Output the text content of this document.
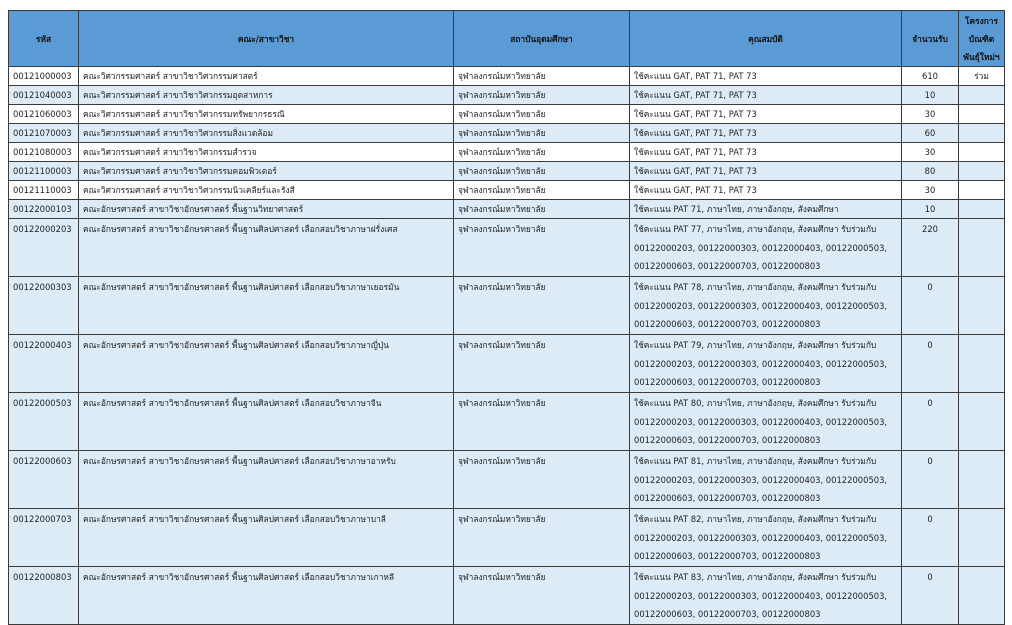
รหัส	คณะ/สาขาวิชา	สถาบันอุดมศึกษา	คุณสมบัติ	จำนวนรับ	โครงการ
บัณฑิต
พันธุ์ใหม่ฯ

00121000003	คณะวิศวกรรมศาสตร์ สาขาวิชาวิศวกรรมศาสตร์	จุฬาลงกรณ์มหาวิทยาลัย	ใช้คะแนน GAT, PAT 71, PAT 73	610	ร่วม
00121040003	คณะวิศวกรรมศาสตร์ สาขาวิชาวิศวกรรมอุตสาหการ	จุฬาลงกรณ์มหาวิทยาลัย	ใช้คะแนน GAT, PAT 71, PAT 73	10	
00121060003	คณะวิศวกรรมศาสตร์ สาขาวิชาวิศวกรรมทรัพยากรธรณี	จุฬาลงกรณ์มหาวิทยาลัย	ใช้คะแนน GAT, PAT 71, PAT 73	30	
00121070003	คณะวิศวกรรมศาสตร์ สาขาวิชาวิศวกรรมสิ่งแวดล้อม	จุฬาลงกรณ์มหาวิทยาลัย	ใช้คะแนน GAT, PAT 71, PAT 73	60	
00121080003	คณะวิศวกรรมศาสตร์ สาขาวิชาวิศวกรรมสำรวจ	จุฬาลงกรณ์มหาวิทยาลัย	ใช้คะแนน GAT, PAT 71, PAT 73	30	
00121100003	คณะวิศวกรรมศาสตร์ สาขาวิชาวิศวกรรมคอมพิวเตอร์	จุฬาลงกรณ์มหาวิทยาลัย	ใช้คะแนน GAT, PAT 71, PAT 73	80	
00121110003	คณะวิศวกรรมศาสตร์ สาขาวิชาวิศวกรรมนิวเคลียร์และรังสี	จุฬาลงกรณ์มหาวิทยาลัย	ใช้คะแนน GAT, PAT 71, PAT 73	30	
00122000103	คณะอักษรศาสตร์ สาขาวิชาอักษรศาสตร์ พื้นฐานวิทยาศาสตร์	จุฬาลงกรณ์มหาวิทยาลัย	ใช้คะแนน PAT 71, ภาษาไทย, ภาษาอังกฤษ, สังคมศึกษา	10	
00122000203	คณะอักษรศาสตร์ สาขาวิชาอักษรศาสตร์ พื้นฐานศิลปศาสตร์ เลือกสอบวิชาภาษาฝรั่งเศส	จุฬาลงกรณ์มหาวิทยาลัย	ใช้คะแนน PAT 77, ภาษาไทย, ภาษาอังกฤษ, สังคมศึกษา รับร่วมกับ 00122000203, 00122000303, 00122000403, 00122000503, 00122000603, 00122000703, 00122000803	220	
00122000303	คณะอักษรศาสตร์ สาขาวิชาอักษรศาสตร์ พื้นฐานศิลปศาสตร์ เลือกสอบวิชาภาษาเยอรมัน	จุฬาลงกรณ์มหาวิทยาลัย	ใช้คะแนน PAT 78, ภาษาไทย, ภาษาอังกฤษ, สังคมศึกษา รับร่วมกับ 00122000203, 00122000303, 00122000403, 00122000503, 00122000603, 00122000703, 00122000803	0	
00122000403	คณะอักษรศาสตร์ สาขาวิชาอักษรศาสตร์ พื้นฐานศิลปศาสตร์ เลือกสอบวิชาภาษาญี่ปุ่น	จุฬาลงกรณ์มหาวิทยาลัย	ใช้คะแนน PAT 79, ภาษาไทย, ภาษาอังกฤษ, สังคมศึกษา รับร่วมกับ 00122000203, 00122000303, 00122000403, 00122000503, 00122000603, 00122000703, 00122000803	0	
00122000503	คณะอักษรศาสตร์ สาขาวิชาอักษรศาสตร์ พื้นฐานศิลปศาสตร์ เลือกสอบวิชาภาษาจีน	จุฬาลงกรณ์มหาวิทยาลัย	ใช้คะแนน PAT 80, ภาษาไทย, ภาษาอังกฤษ, สังคมศึกษา รับร่วมกับ 00122000203, 00122000303, 00122000403, 00122000503, 00122000603, 00122000703, 00122000803	0	
00122000603	คณะอักษรศาสตร์ สาขาวิชาอักษรศาสตร์ พื้นฐานศิลปศาสตร์ เลือกสอบวิชาภาษาอาหรับ	จุฬาลงกรณ์มหาวิทยาลัย	ใช้คะแนน PAT 81, ภาษาไทย, ภาษาอังกฤษ, สังคมศึกษา รับร่วมกับ 00122000203, 00122000303, 00122000403, 00122000503, 00122000603, 00122000703, 00122000803	0	
00122000703	คณะอักษรศาสตร์ สาขาวิชาอักษรศาสตร์ พื้นฐานศิลปศาสตร์ เลือกสอบวิชาภาษาบาลี	จุฬาลงกรณ์มหาวิทยาลัย	ใช้คะแนน PAT 82, ภาษาไทย, ภาษาอังกฤษ, สังคมศึกษา รับร่วมกับ 00122000203, 00122000303, 00122000403, 00122000503, 00122000603, 00122000703, 00122000803	0	
00122000803	คณะอักษรศาสตร์ สาขาวิชาอักษรศาสตร์ พื้นฐานศิลปศาสตร์ เลือกสอบวิชาภาษาเกาหลี	จุฬาลงกรณ์มหาวิทยาลัย	ใช้คะแนน PAT 83, ภาษาไทย, ภาษาอังกฤษ, สังคมศึกษา รับร่วมกับ 00122000203, 00122000303, 00122000403, 00122000503, 00122000603, 00122000703, 00122000803	0	
